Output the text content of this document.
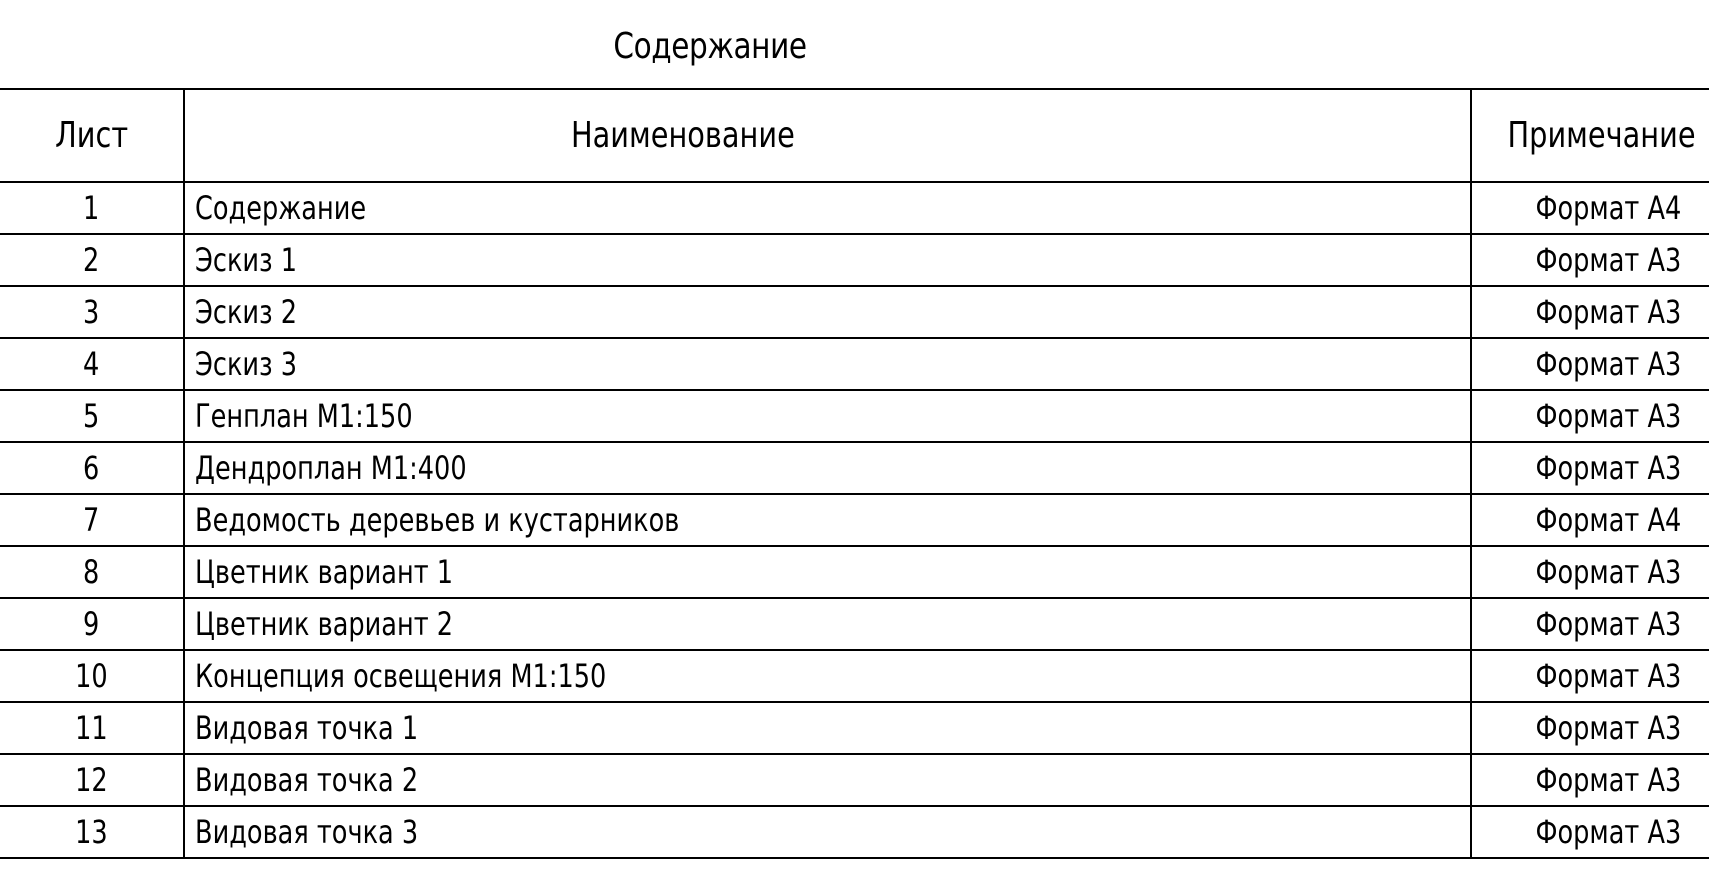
Содержание
Лист	Наименование	Примечание
1	Содержание	Формат А4
2	Эскиз 1	Формат А3
3	Эскиз 2	Формат А3
4	Эскиз 3	Формат А3
5	Генплан М1:150	Формат А3
6	Дендроплан М1:400	Формат А3
7	Ведомость деревьев и кустарников	Формат А4
8	Цветник вариант 1	Формат А3
9	Цветник вариант 2	Формат А3
10	Концепция освещения М1:150	Формат А3
11	Видовая точка 1	Формат А3
12	Видовая точка 2	Формат А3
13	Видовая точка 3	Формат А3
